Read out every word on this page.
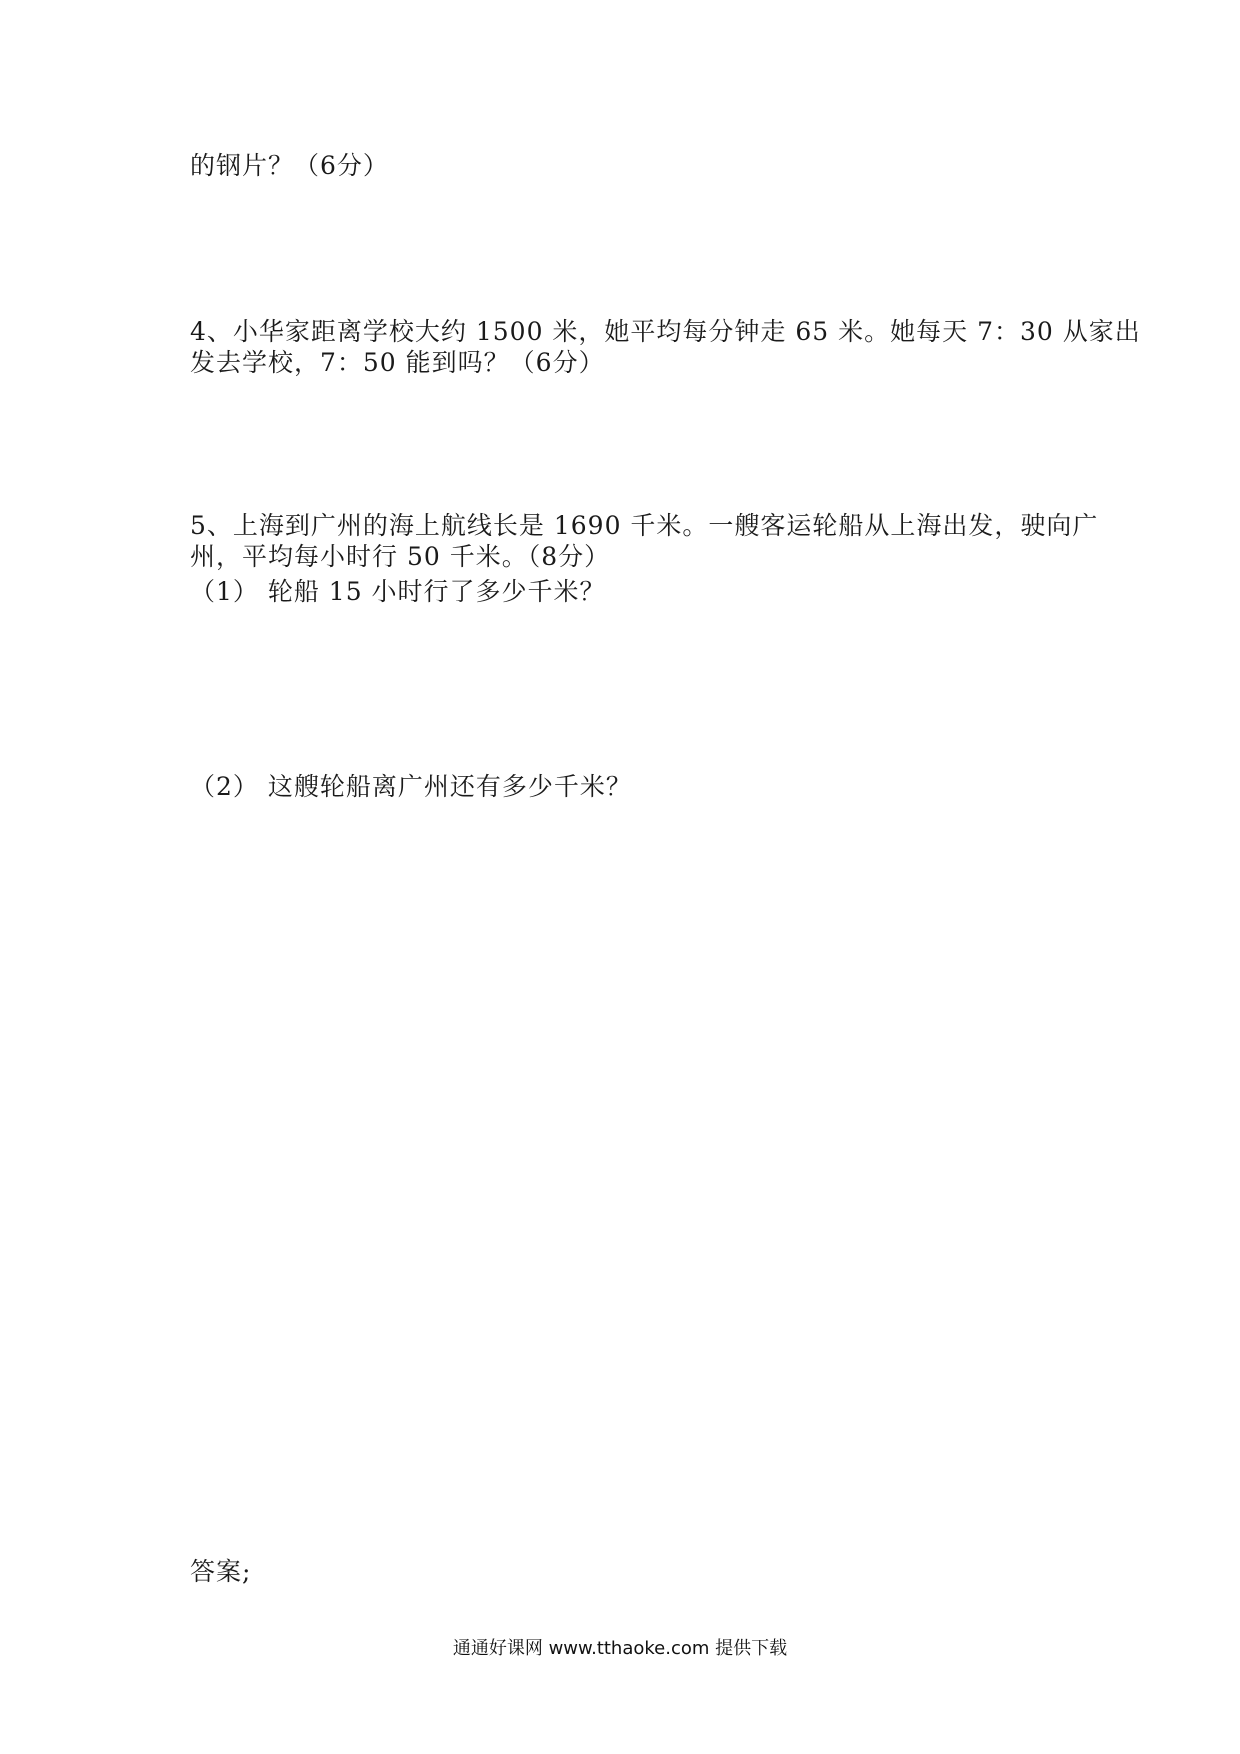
的钢片？（6分）
4、小华家距离学校大约 1500 米，她平均每分钟走 65 米。她每天 7：30 从家出
发去学校，7：50 能到吗？（6分）
5、上海到广州的海上航线长是 1690 千米。一艘客运轮船从上海出发，驶向广
州，平均每小时行 50 千米。（8分）
（1） 轮船 15 小时行了多少千米？
（2） 这艘轮船离广州还有多少千米？
答案;
通通好课网 www.tthaoke.com 提供下载
